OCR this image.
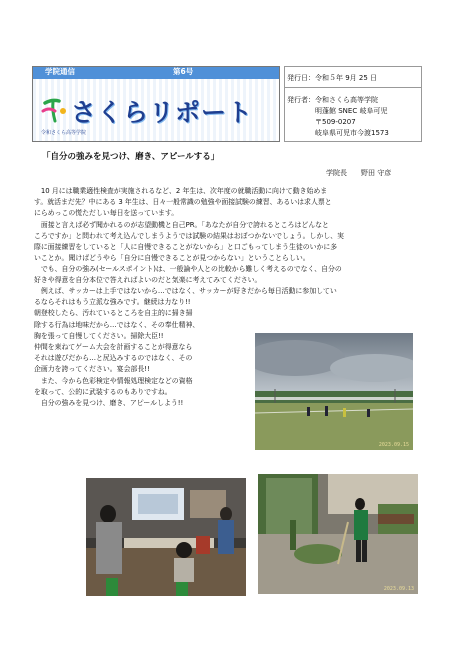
学院通信	第6号
さくらリポート
令和さくら高等学院
発行日：令和５年 9月 25 日
発行者：令和さくら高等学院
明蓬館 SNEC 岐阜可児
〒509-0207
岐阜県可児市今渡1573
「自分の強みを見つけ、磨き、アピールする」
学院長　　野田 守彦
　10 月には職業適性検査が実施されるなど、2 年生は、次年度の就職活動に向けて動き始めま
す。就活まだ先？中にある 3 年生は、日々一般常識の勉強や面接試験の練習、あるいは求人票と
にらめっこの慌ただしい毎日を送っています。
　面接と言えば必ず聞かれるのが志望動機と自己PR。「あなたが自分で誇れるところはどんなと
ころですか」と問われて考え込んでしまうようでは試験の結果はおぼつかないでしょう。しかし、実
際に面接練習をしていると「人に自慢できることがないから」と口ごもってしまう生徒のいかに多
いことか。聞けばどうやら「自分に自慢できることが見つからない」ということらしい。
　でも、自分の強み(セールスポイント)は、一般論や人との比較から難しく考えるのでなく、自分の
好きや得意を自分本位で答えればよいのだと気楽に考えてみてください。
　例えば、サッカーは上手ではないから…ではなく、サッカーが好きだから毎日活動に参加してい
るならそれはもう立派な強みです。継続は力なり!!
朝登校したら、汚れているところを自主的に掃き掃
除する行為は地味だから…ではなく、その奉仕精神、
胸を張って自慢してください。掃除大臣!!
仲間を束ねてゲーム大会を計画することが得意なら
それは遊びだから…と尻込みするのではなく、その
企画力を誇ってください。宴会部長!!
　また、今から色彩検定や情報処理検定などの資格
を取って、公的に武装するのもありですね。
　自分の強みを見つけ、磨き、アピールしよう!!
2023.09.15
2023.09.13
